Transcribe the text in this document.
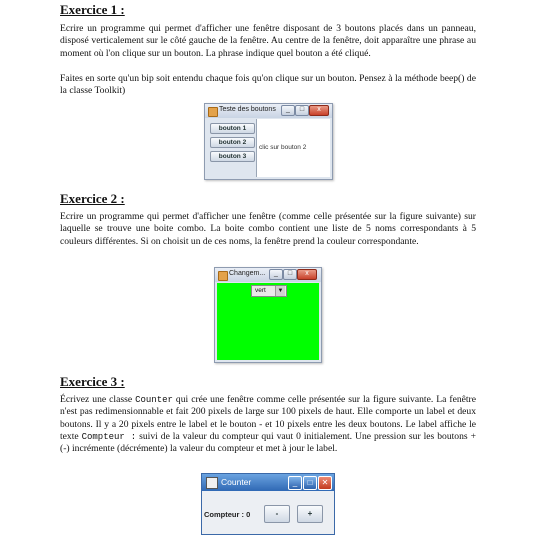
Exercice 1 :

Ecrire un programme qui permet d'afficher une fenêtre disposant de 3 boutons placés dans un panneau, disposé verticalement sur le côté gauche de la fenêtre. Au centre de la fenêtre, doit apparaître une phrase au moment où l'on clique sur un bouton. La phrase indique quel bouton a été cliqué.

Faites en sorte qu'un bip soit entendu chaque fois qu'on clique sur un bouton. Pensez à la méthode beep() de la classe Toolkit)

Teste des boutons	_	□	x
bouton 1
bouton 2
bouton 3
clic sur bouton 2
Exercice 2 :

Ecrire un programme qui permet d'afficher une fenêtre (comme celle présentée sur la figure suivante) sur laquelle se trouve une boite combo. La boite combo contient une liste de 5 noms correspondants à 5 couleurs différentes. Si on choisit un de ces noms, la fenêtre prend la couleur correspondante.

Changem...	_	□	x
vert	▼
Exercice 3 :

Écrivez une classe Counter qui crée une fenêtre comme celle présentée sur la figure suivante. La fenêtre n'est pas redimensionnable et fait 200 pixels de large sur 100 pixels de haut. Elle comporte un label et deux boutons. Il y a 20 pixels entre le label et le bouton - et 10 pixels entre les deux boutons. Le label affiche le texte Compteur : suivi de la valeur du compteur qui vaut 0 initialement. Une pression sur les boutons + (-) incrémente (décrémente) la valeur du compteur et met à jour le label.

Counter	_	□	✕
Compteur : 0	-	+
